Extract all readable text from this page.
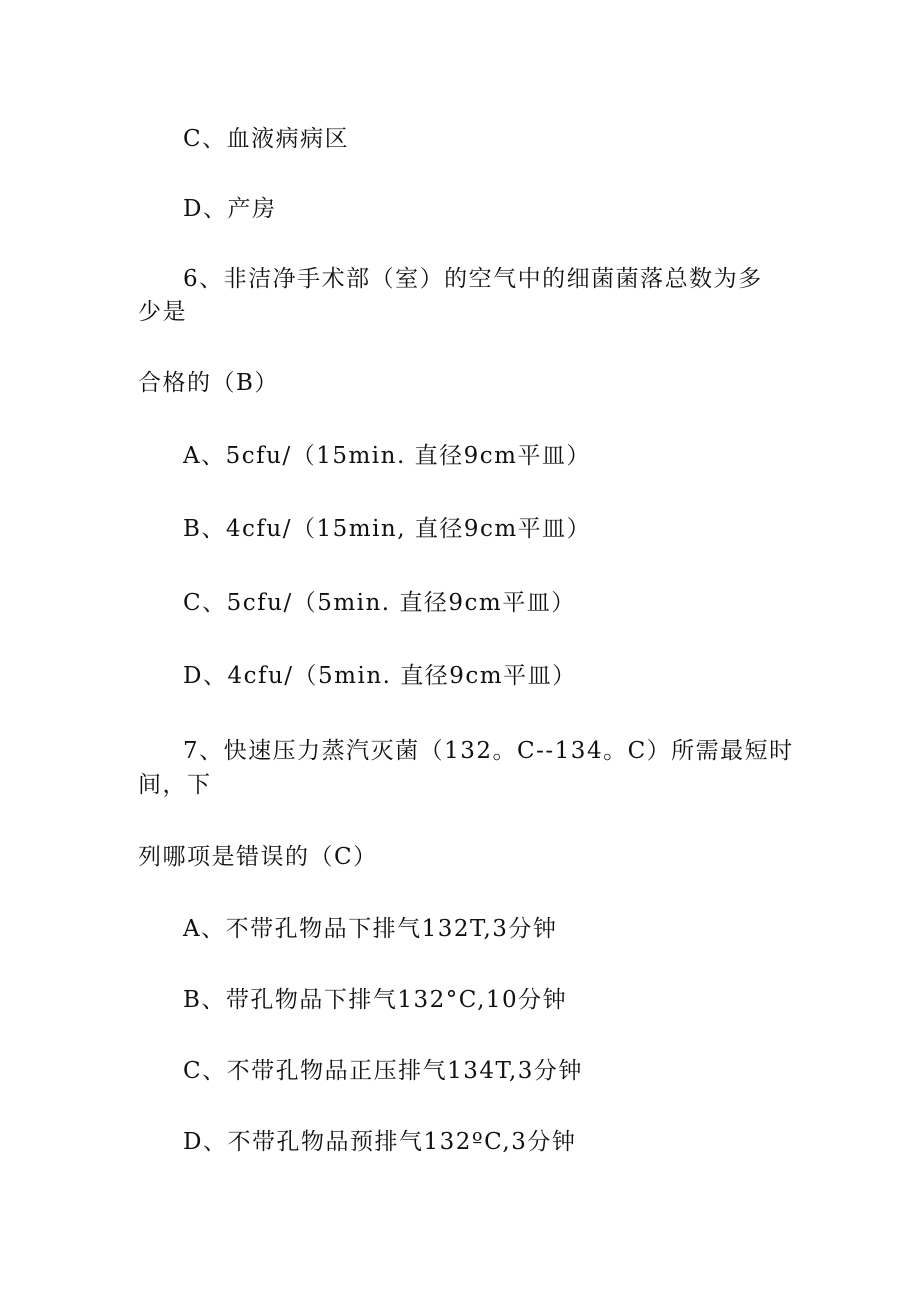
C、血液病病区
D、产房
6、非洁净手术部（室）的空气中的细菌菌落总数为多
少是
合格的（B）
A、5cfu/（15min. 直径9cm平皿）
B、4cfu/（15min, 直径9cm平皿）
C、5cfu/（5min. 直径9cm平皿）
D、4cfu/（5min. 直径9cm平皿）
7、快速压力蒸汽灭菌（132。C--134。C）所需最短时
间，下
列哪项是错误的（C）
A、不带孔物品下排气132T,3分钟
B、带孔物品下排气132°C,10分钟
C、不带孔物品正压排气134T,3分钟
D、不带孔物品预排气132ºC,3分钟
